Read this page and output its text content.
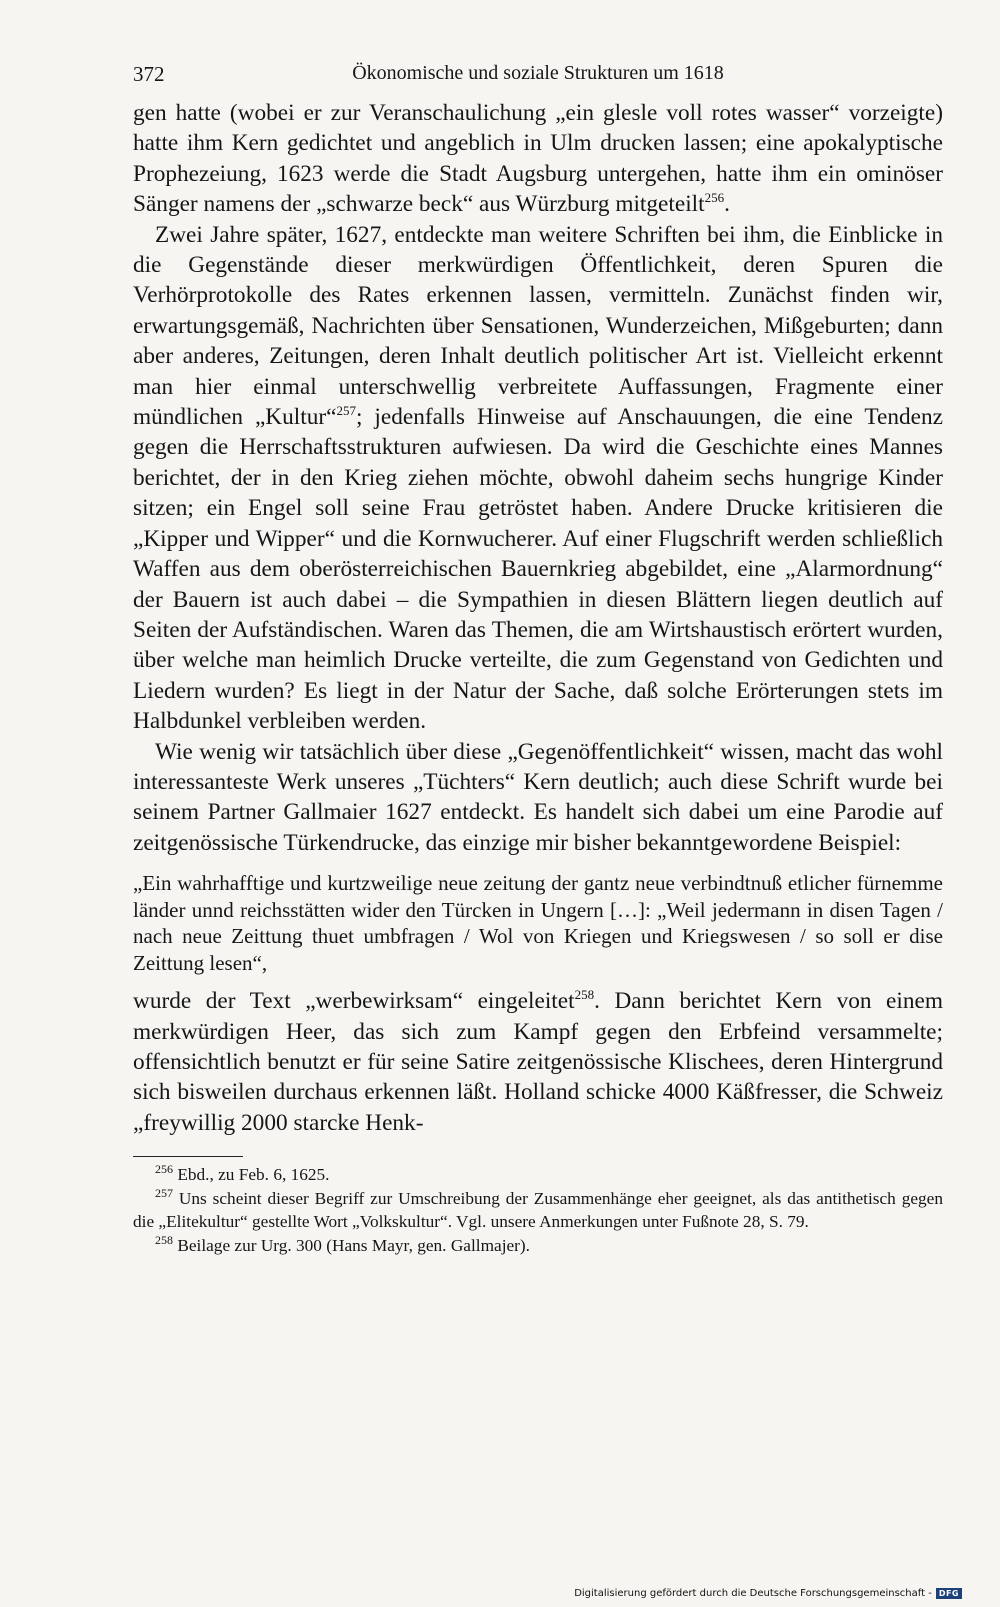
372	Ökonomische und soziale Strukturen um 1618

gen hatte (wobei er zur Veranschaulichung „ein glesle voll rotes wasser“ vorzeigte) hatte ihm Kern gedichtet und angeblich in Ulm drucken lassen; eine apokalyptische Prophezeiung, 1623 werde die Stadt Augsburg untergehen, hatte ihm ein ominöser Sänger namens der „schwarze beck“ aus Würzburg mitgeteilt$^{256}$.

Zwei Jahre später, 1627, entdeckte man weitere Schriften bei ihm, die Einblicke in die Gegenstände dieser merkwürdigen Öffentlichkeit, deren Spuren die Verhörprotokolle des Rates erkennen lassen, vermitteln. Zunächst finden wir, erwartungsgemäß, Nachrichten über Sensationen, Wunderzeichen, Mißgeburten; dann aber anderes, Zeitungen, deren Inhalt deutlich politischer Art ist. Vielleicht erkennt man hier einmal unterschwellig verbreitete Auffassungen, Fragmente einer mündlichen „Kultur“$^{257}$; jedenfalls Hinweise auf Anschauungen, die eine Tendenz gegen die Herrschaftsstrukturen aufwiesen. Da wird die Geschichte eines Mannes berichtet, der in den Krieg ziehen möchte, obwohl daheim sechs hungrige Kinder sitzen; ein Engel soll seine Frau getröstet haben. Andere Drucke kritisieren die „Kipper und Wipper“ und die Kornwucherer. Auf einer Flugschrift werden schließlich Waffen aus dem oberösterreichischen Bauernkrieg abgebildet, eine „Alarmordnung“ der Bauern ist auch dabei – die Sympathien in diesen Blättern liegen deutlich auf Seiten der Aufständischen. Waren das Themen, die am Wirtshaustisch erörtert wurden, über welche man heimlich Drucke verteilte, die zum Gegenstand von Gedichten und Liedern wurden? Es liegt in der Natur der Sache, daß solche Erörterungen stets im Halbdunkel verbleiben werden.

Wie wenig wir tatsächlich über diese „Gegenöffentlichkeit“ wissen, macht das wohl interessanteste Werk unseres „Tüchters“ Kern deutlich; auch diese Schrift wurde bei seinem Partner Gallmaier 1627 entdeckt. Es handelt sich dabei um eine Parodie auf zeitgenössische Türkendrucke, das einzige mir bisher bekanntgewordene Beispiel:

„Ein wahrhafftige und kurtzweilige neue zeitung der gantz neue verbindtnuß etlicher fürnemme länder unnd reichsstätten wider den Türcken in Ungern […]: „Weil jedermann in disen Tagen / nach neue Zeittung thuet umbfragen / Wol von Kriegen und Kriegswesen / so soll er dise Zeittung lesen“,

wurde der Text „werbewirksam“ eingeleitet$^{258}$. Dann berichtet Kern von einem merkwürdigen Heer, das sich zum Kampf gegen den Erbfeind versammelte; offensichtlich benutzt er für seine Satire zeitgenössische Klischees, deren Hintergrund sich bisweilen durchaus erkennen läßt. Holland schicke 4000 Käßfresser, die Schweiz „freywillig 2000 starcke Henk-

$^{256}$ Ebd., zu Feb. 6, 1625.

$^{257}$ Uns scheint dieser Begriff zur Umschreibung der Zusammenhänge eher geeignet, als das antithetisch gegen die „Elitekultur“ gestellte Wort „Volkskultur“. Vgl. unsere Anmerkungen unter Fußnote 28, S. 79.

$^{258}$ Beilage zur Urg. 300 (Hans Mayr, gen. Gallmajer).

Digitalisierung gefördert durch die Deutsche Forschungsgemeinschaft - DFG
